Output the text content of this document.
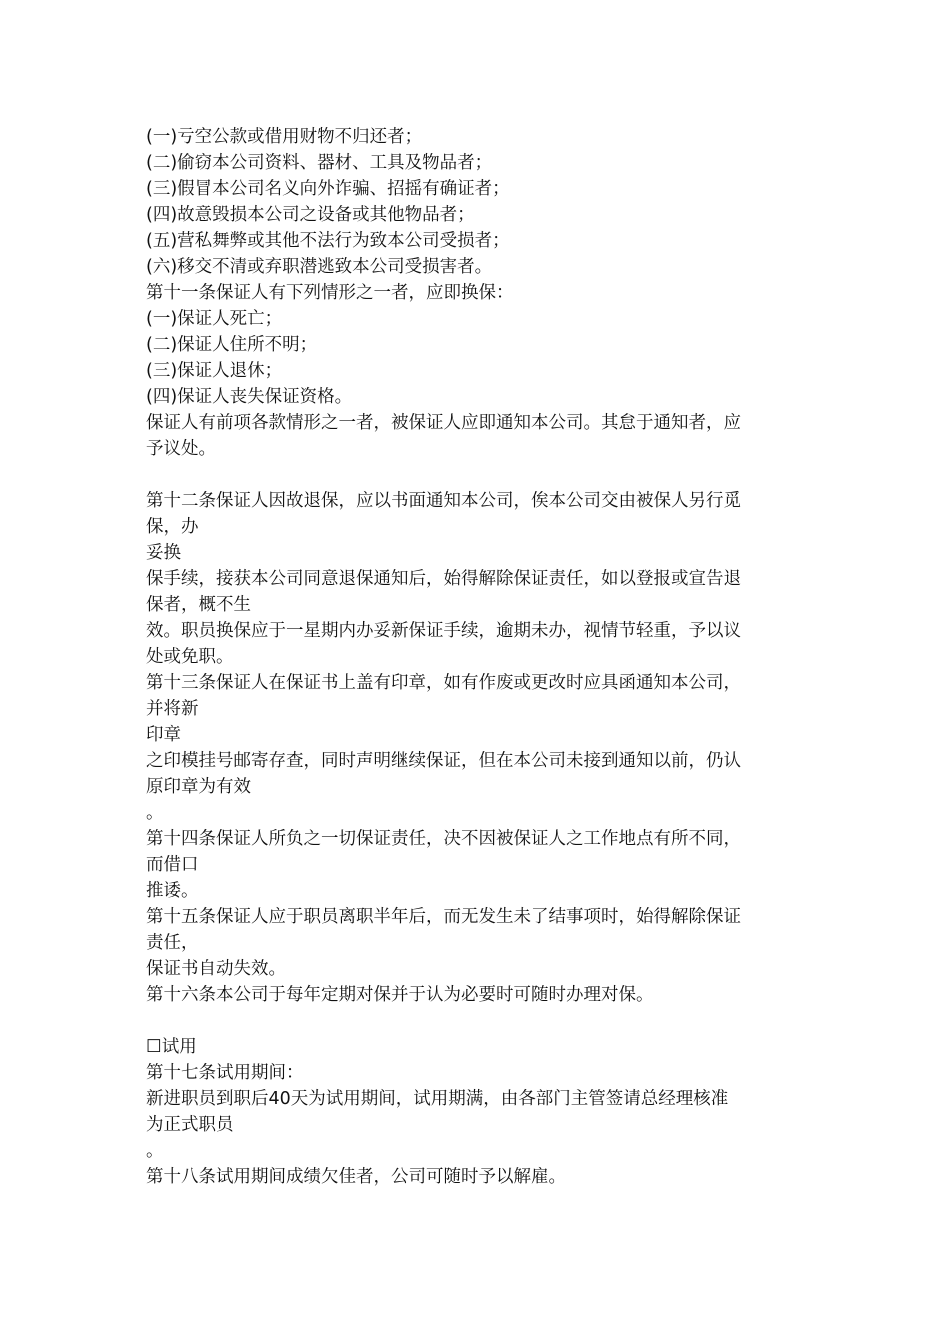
(一)亏空公款或借用财物不归还者；
(二)偷窃本公司资料、器材、工具及物品者；
(三)假冒本公司名义向外诈骗、招摇有确证者；
(四)故意毁损本公司之设备或其他物品者；
(五)营私舞弊或其他不法行为致本公司受损者；
(六)移交不清或弃职潜逃致本公司受损害者。
第十一条保证人有下列情形之一者，应即换保：
(一)保证人死亡；
(二)保证人住所不明；
(三)保证人退休；
(四)保证人丧失保证资格。
保证人有前项各款情形之一者，被保证人应即通知本公司。其怠于通知者，应
予议处。
第十二条保证人因故退保，应以书面通知本公司，俟本公司交由被保人另行觅
保，办
妥换
保手续，接获本公司同意退保通知后，始得解除保证责任，如以登报或宣告退
保者，概不生
效。职员换保应于一星期内办妥新保证手续，逾期未办，视情节轻重，予以议
处或免职。
第十三条保证人在保证书上盖有印章，如有作废或更改时应具函通知本公司，
并将新
印章
之印模挂号邮寄存查，同时声明继续保证，但在本公司未接到通知以前，仍认
原印章为有效
。
第十四条保证人所负之一切保证责任，决不因被保证人之工作地点有所不同，
而借口
推诿。
第十五条保证人应于职员离职半年后，而无发生未了结事项时，始得解除保证
责任，
保证书自动失效。
第十六条本公司于每年定期对保并于认为必要时可随时办理对保。
☐试用
第十七条试用期间：
新进职员到职后40天为试用期间，试用期满，由各部门主管签请总经理核准
为正式职员
。
第十八条试用期间成绩欠佳者，公司可随时予以解雇。
